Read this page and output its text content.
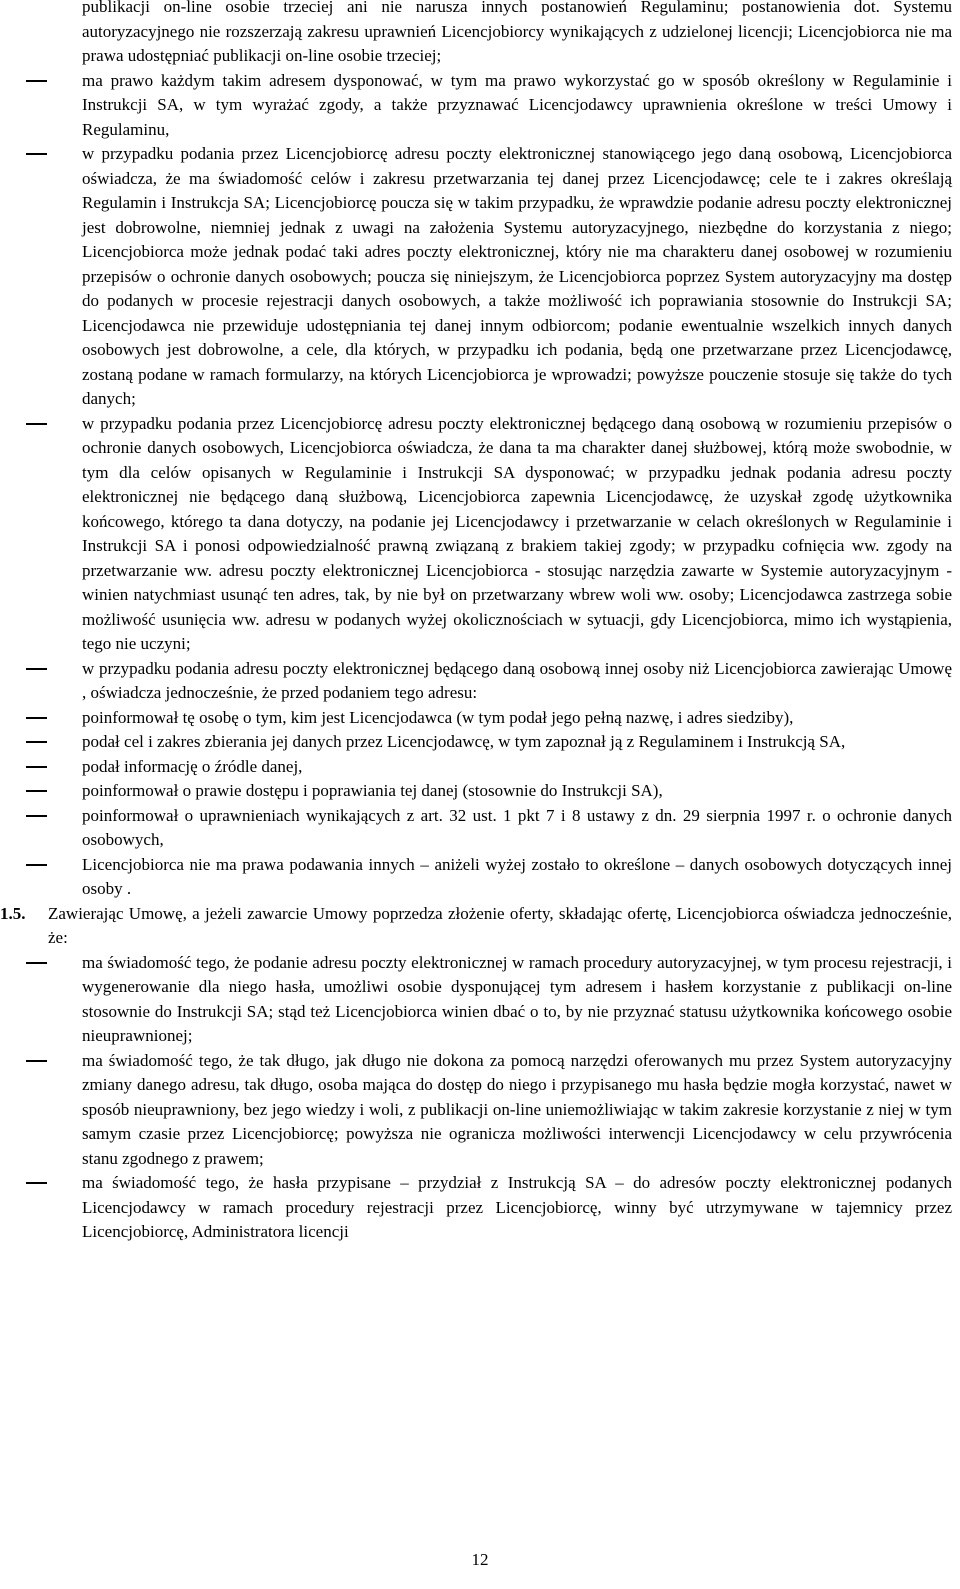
publikacji on-line osobie trzeciej ani nie narusza innych postanowień Regulaminu; postanowienia dot. Systemu autoryzacyjnego nie rozszerzają zakresu uprawnień Licencjobiorcy wynikających z udzielonej licencji; Licencjobiorca nie ma prawa udostępniać publikacji on-line osobie trzeciej;

ma prawo każdym takim adresem dysponować, w tym ma prawo wykorzystać go w sposób określony w Regulaminie i Instrukcji SA, w tym wyrażać zgody, a także przyznawać Licencjodawcy uprawnienia określone w treści Umowy i Regulaminu,
w przypadku podania przez Licencjobiorcę adresu poczty elektronicznej stanowiącego jego daną osobową, Licencjobiorca oświadcza, że ma świadomość celów i zakresu przetwarzania tej danej przez Licencjodawcę; cele te i zakres określają Regulamin i Instrukcja SA; Licencjobiorcę poucza się w takim przypadku, że wprawdzie podanie adresu poczty elektronicznej jest dobrowolne, niemniej jednak z uwagi na założenia Systemu autoryzacyjnego, niezbędne do korzystania z niego; Licencjobiorca może jednak podać taki adres poczty elektronicznej, który nie ma charakteru danej osobowej w rozumieniu przepisów o ochronie danych osobowych; poucza się niniejszym, że Licencjobiorca poprzez System autoryzacyjny ma dostęp do podanych w procesie rejestracji danych osobowych, a także możliwość ich poprawiania stosownie do Instrukcji SA; Licencjodawca nie przewiduje udostępniania tej danej innym odbiorcom; podanie ewentualnie wszelkich innych danych osobowych jest dobrowolne, a cele, dla których, w przypadku ich podania, będą one przetwarzane przez Licencjodawcę, zostaną podane w ramach formularzy, na których Licencjobiorca je wprowadzi; powyższe pouczenie stosuje się także do tych danych;
w przypadku podania przez Licencjobiorcę adresu poczty elektronicznej będącego daną osobową w rozumieniu przepisów o ochronie danych osobowych, Licencjobiorca oświadcza, że dana ta ma charakter danej służbowej, którą może swobodnie, w tym dla celów opisanych w Regulaminie i Instrukcji SA dysponować; w przypadku jednak podania adresu poczty elektronicznej nie będącego daną służbową, Licencjobiorca zapewnia Licencjodawcę, że uzyskał zgodę użytkownika końcowego, którego ta dana dotyczy, na podanie jej Licencjodawcy i przetwarzanie w celach określonych w Regulaminie i Instrukcji SA i ponosi odpowiedzialność prawną związaną z brakiem takiej zgody; w przypadku cofnięcia ww. zgody na przetwarzanie ww. adresu poczty elektronicznej Licencjobiorca - stosując narzędzia zawarte w Systemie autoryzacyjnym - winien natychmiast usunąć ten adres, tak, by nie był on przetwarzany wbrew woli ww. osoby; Licencjodawca zastrzega sobie możliwość usunięcia ww. adresu w podanych wyżej okolicznościach w sytuacji, gdy Licencjobiorca, mimo ich wystąpienia, tego nie uczyni;
w przypadku podania adresu poczty elektronicznej będącego daną osobową innej osoby niż Licencjobiorca zawierając Umowę , oświadcza jednocześnie, że przed podaniem tego adresu:
poinformował tę osobę o tym, kim jest Licencjodawca (w tym podał jego pełną nazwę, i adres siedziby),
podał cel i zakres zbierania jej danych przez Licencjodawcę, w tym zapoznał ją z Regulaminem i Instrukcją SA,
podał informację o źródle danej,
poinformował o prawie dostępu i poprawiania tej danej (stosownie do Instrukcji SA),
poinformował o uprawnieniach wynikających z art. 32 ust. 1 pkt 7 i 8 ustawy z dn. 29 sierpnia 1997 r. o ochronie danych osobowych,
Licencjobiorca nie ma prawa podawania innych – aniżeli wyżej zostało to określone – danych osobowych dotyczących innej osoby .
1.5. Zawierając Umowę, a jeżeli zawarcie Umowy poprzedza złożenie oferty, składając ofertę, Licencjobiorca oświadcza jednocześnie, że:
ma świadomość tego, że podanie adresu poczty elektronicznej w ramach procedury autoryzacyjnej, w tym procesu rejestracji, i wygenerowanie dla niego hasła, umożliwi osobie dysponującej tym adresem i hasłem korzystanie z publikacji on-line stosownie do Instrukcji SA; stąd też Licencjobiorca winien dbać o to, by nie przyznać statusu użytkownika końcowego osobie nieuprawnionej;
ma świadomość tego, że tak długo, jak długo nie dokona za pomocą narzędzi oferowanych mu przez System autoryzacyjny zmiany danego adresu, tak długo, osoba mająca do dostęp do niego i przypisanego mu hasła będzie mogła korzystać, nawet w sposób nieuprawniony, bez jego wiedzy i woli, z publikacji on-line uniemożliwiając w takim zakresie korzystanie z niej w tym samym czasie przez Licencjobiorcę; powyższa nie ogranicza możliwości interwencji Licencjodawcy w celu przywrócenia stanu zgodnego z prawem;
ma świadomość tego, że hasła przypisane – przydział z Instrukcją SA – do adresów poczty elektronicznej podanych Licencjodawcy w ramach procedury rejestracji przez Licencjobiorcę, winny być utrzymywane w tajemnicy przez Licencjobiorcę, Administratora licencji
12
